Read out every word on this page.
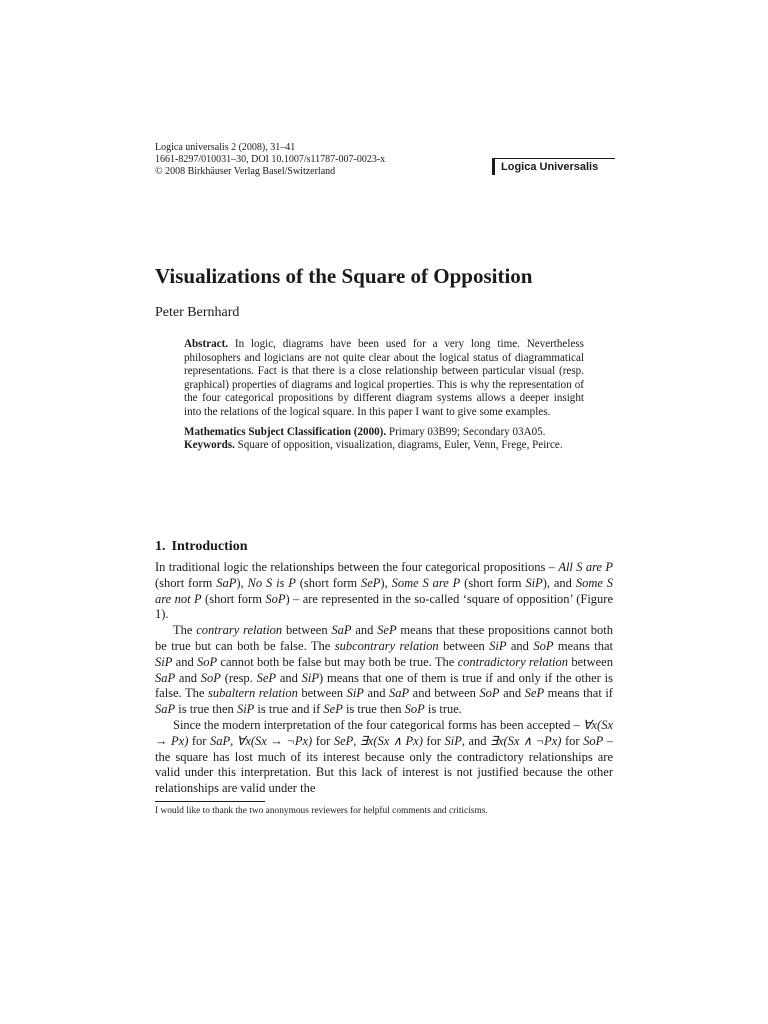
Logica universalis 2 (2008), 31–41
1661-8297/010031–30, DOI 10.1007/s11787-007-0023-x
© 2008 Birkhäuser Verlag Basel/Switzerland	Logica Universalis
Visualizations of the Square of Opposition
Peter Bernhard

Abstract. In logic, diagrams have been used for a very long time. Nevertheless philosophers and logicians are not quite clear about the logical status of diagrammatical representations. Fact is that there is a close relationship between particular visual (resp. graphical) properties of diagrams and logical properties. This is why the representation of the four categorical propositions by different diagram systems allows a deeper insight into the relations of the logical square. In this paper I want to give some examples.

Mathematics Subject Classification (2000). Primary 03B99; Secondary 03A05.

Keywords. Square of opposition, visualization, diagrams, Euler, Venn, Frege, Peirce.

1. Introduction

In traditional logic the relationships between the four categorical propositions – All S are P (short form SaP), No S is P (short form SeP), Some S are P (short form SiP), and Some S are not P (short form SoP) – are represented in the so-called ‘square of opposition’ (Figure 1).

The contrary relation between SaP and SeP means that these propositions cannot both be true but can both be false. The subcontrary relation between SiP and SoP means that SiP and SoP cannot both be false but may both be true. The contradictory relation between SaP and SoP (resp. SeP and SiP) means that one of them is true if and only if the other is false. The subaltern relation between SiP and SaP and between SoP and SeP means that if SaP is true then SiP is true and if SeP is true then SoP is true.

Since the modern interpretation of the four categorical forms has been accepted – ∀x(Sx → Px) for SaP, ∀x(Sx → ¬Px) for SeP, ∃x(Sx ∧ Px) for SiP, and ∃x(Sx ∧ ¬Px) for SoP – the square has lost much of its interest because only the contradictory relationships are valid under this interpretation. But this lack of interest is not justified because the other relationships are valid under the

I would like to thank the two anonymous reviewers for helpful comments and criticisms.
